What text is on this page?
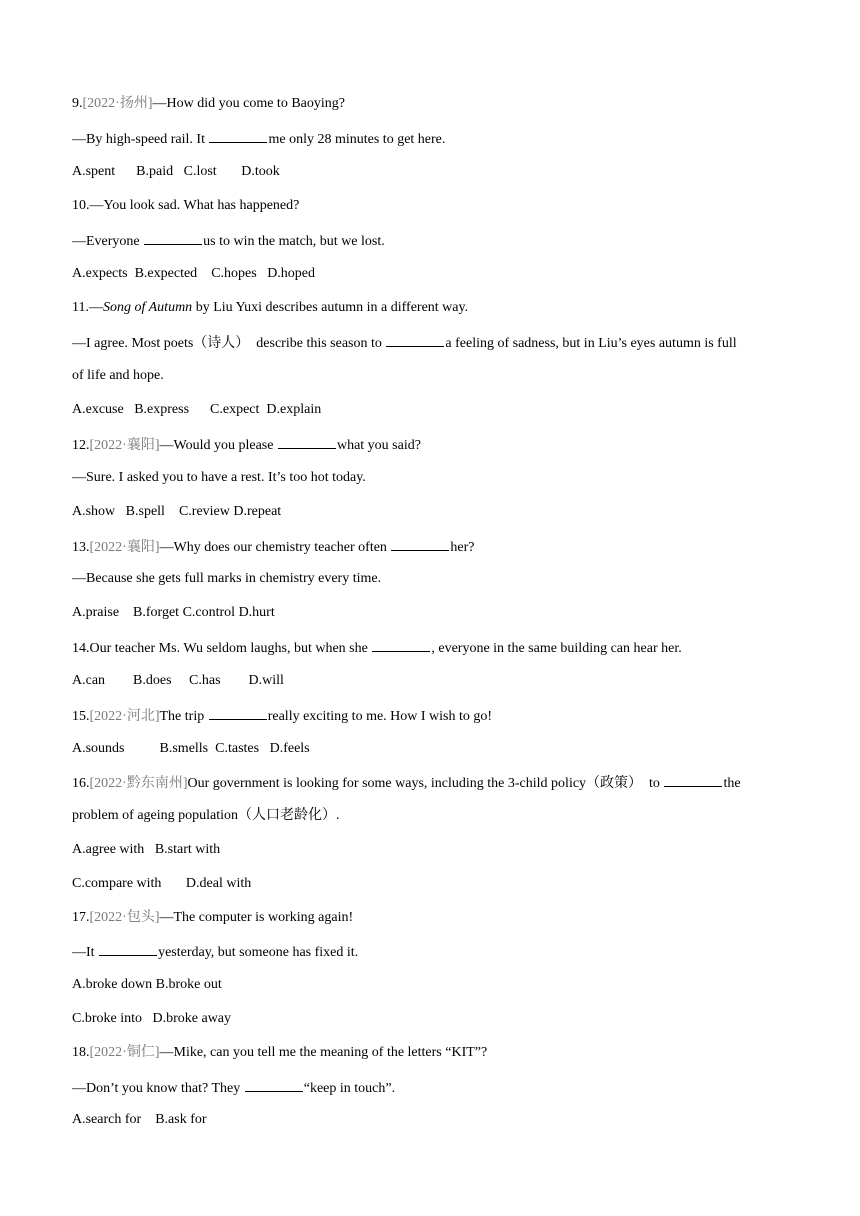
9.[2022·扬州]—How did you come to Baoying?
—By high-speed rail. It	me only 28 minutes to get here.
A.spent B.paid C.lost D.took
10.—You look sad. What has happened?
—Everyone	us to win the match, but we lost.
A.expects B.expected C.hopes D.hoped
11.—Song of Autumn by Liu Yuxi describes autumn in a different way.
—I agree. Most poets（诗人）  describe this season to	a feeling of sadness, but in Liu’s eyes autumn is full
of life and hope.
A.excuse B.express C.expect D.explain
12.[2022·襄阳]—Would you please	what you said?
—Sure. I asked you to have a rest. It’s too hot today.
A.show B.spell C.review D.repeat
13.[2022·襄阳]—Why does our chemistry teacher often	her?
—Because she gets full marks in chemistry every time.
A.praise B.forget C.control D.hurt
14.Our teacher Ms. Wu seldom laughs, but when she	, everyone in the same building can hear her.
A.can B.does C.has D.will
15.[2022·河北]The trip	really exciting to me. How I wish to go!
A.sounds	B.smells C.tastes D.feels
16.[2022·黔东南州]Our government is looking for some ways, including the 3-child policy（政策）  to	the
problem of ageing population（人口老龄化）.
A.agree with B.start with
C.compare with D.deal with
17.[2022·包头]—The computer is working again!
—It	yesterday, but someone has fixed it.
A.broke down B.broke out
C.broke into D.broke away
18.[2022·铜仁]—Mike, can you tell me the meaning of the letters “KIT”?
—Don’t you know that? They	“keep in touch”.
A.search for B.ask for
